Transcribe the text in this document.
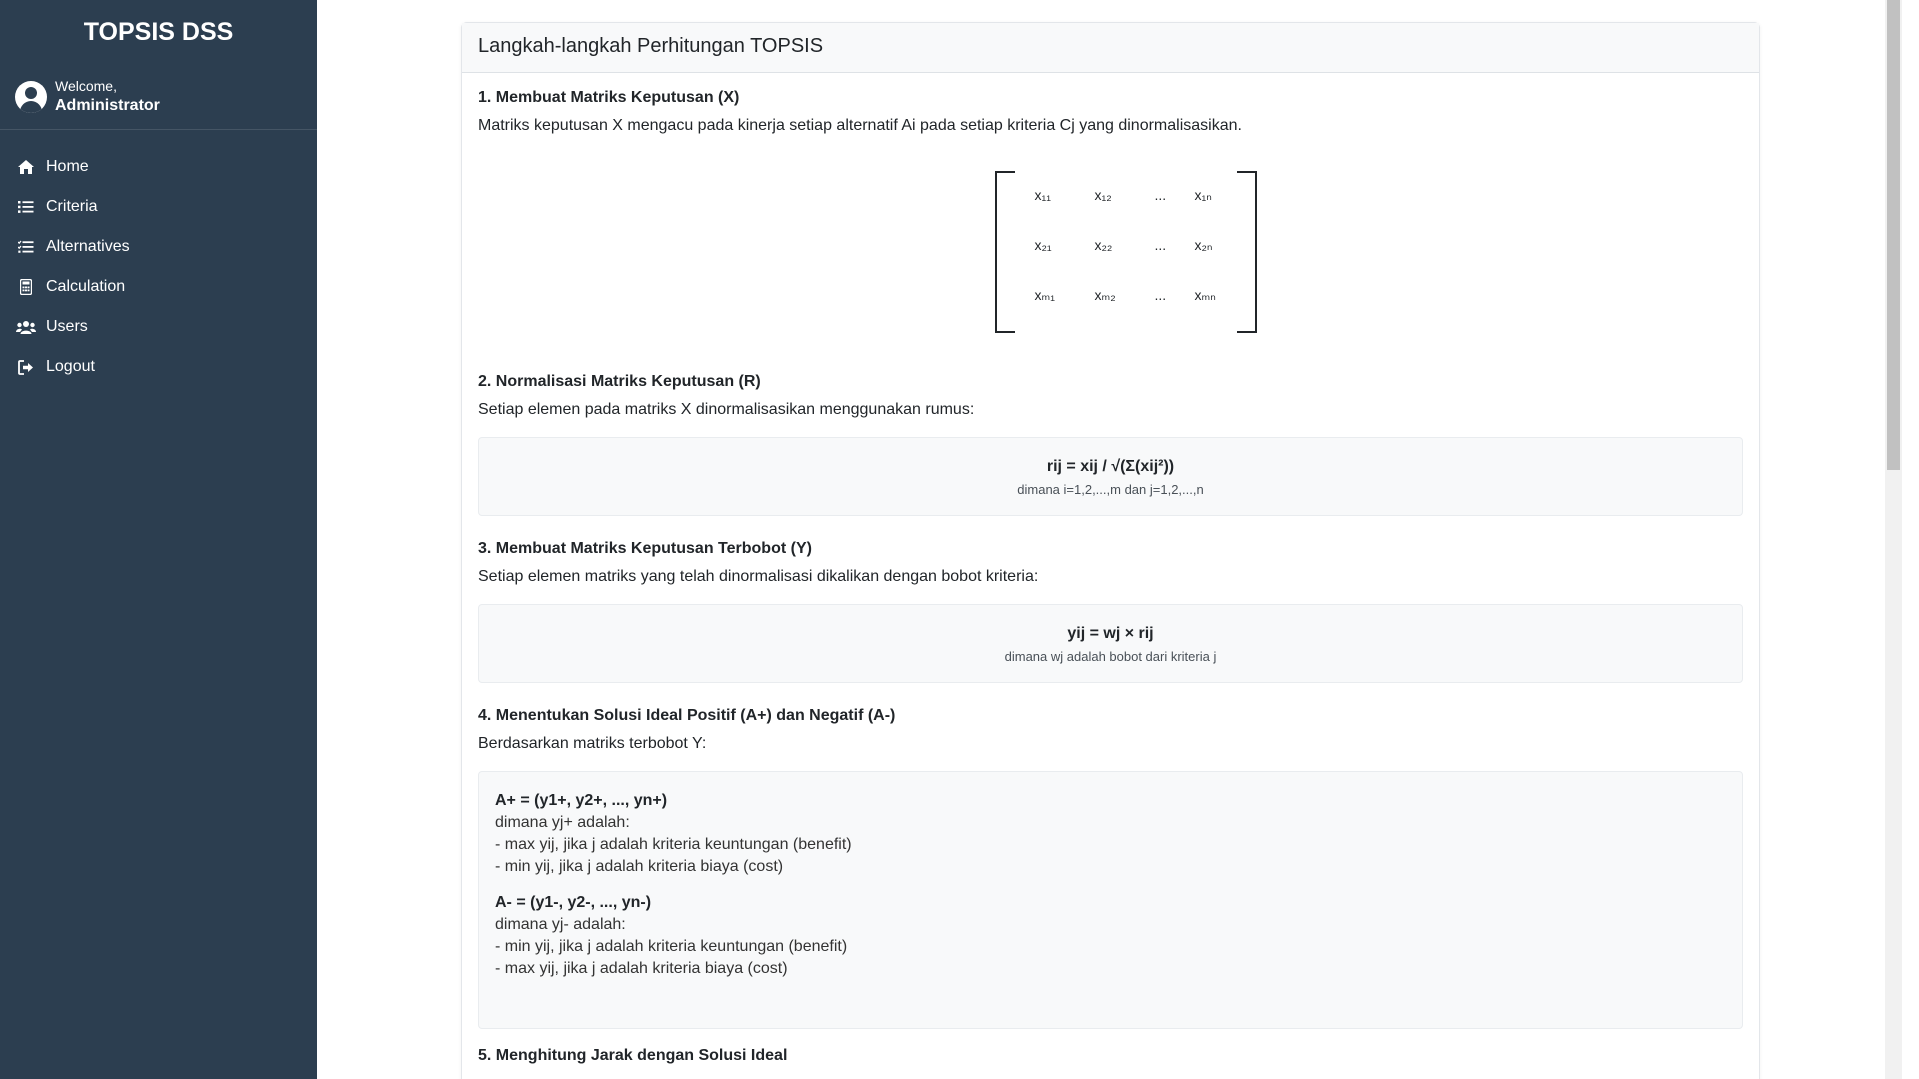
TOPSIS DSS
Welcome,
Administrator
Home
Criteria
Alternatives
Calculation
Users
Logout
Langkah-langkah Perhitungan TOPSIS
1. Membuat Matriks Keputusan (X)
Matriks keputusan X mengacu pada kinerja setiap alternatif Ai pada setiap kriteria Cj yang dinormalisasikan.
x₁₁	x₁₂	... x₁ₙ
x₂₁	x₂₂	... x₂ₙ
xₘ₁	xₘ₂	... xₘₙ
2. Normalisasi Matriks Keputusan (R)
Setiap elemen pada matriks X dinormalisasikan menggunakan rumus:
rij = xij / √(Σ(xij²))
dimana i=1,2,...,m dan j=1,2,...,n
3. Membuat Matriks Keputusan Terbobot (Y)
Setiap elemen matriks yang telah dinormalisasi dikalikan dengan bobot kriteria:
yij = wj × rij
dimana wj adalah bobot dari kriteria j
4. Menentukan Solusi Ideal Positif (A+) dan Negatif (A-)
Berdasarkan matriks terbobot Y:
A+ = (y1+, y2+, ..., yn+)
dimana yj+ adalah:
- max yij, jika j adalah kriteria keuntungan (benefit)
- min yij, jika j adalah kriteria biaya (cost)
A- = (y1-, y2-, ..., yn-)
dimana yj- adalah:
- min yij, jika j adalah kriteria keuntungan (benefit)
- max yij, jika j adalah kriteria biaya (cost)
5. Menghitung Jarak dengan Solusi Ideal
